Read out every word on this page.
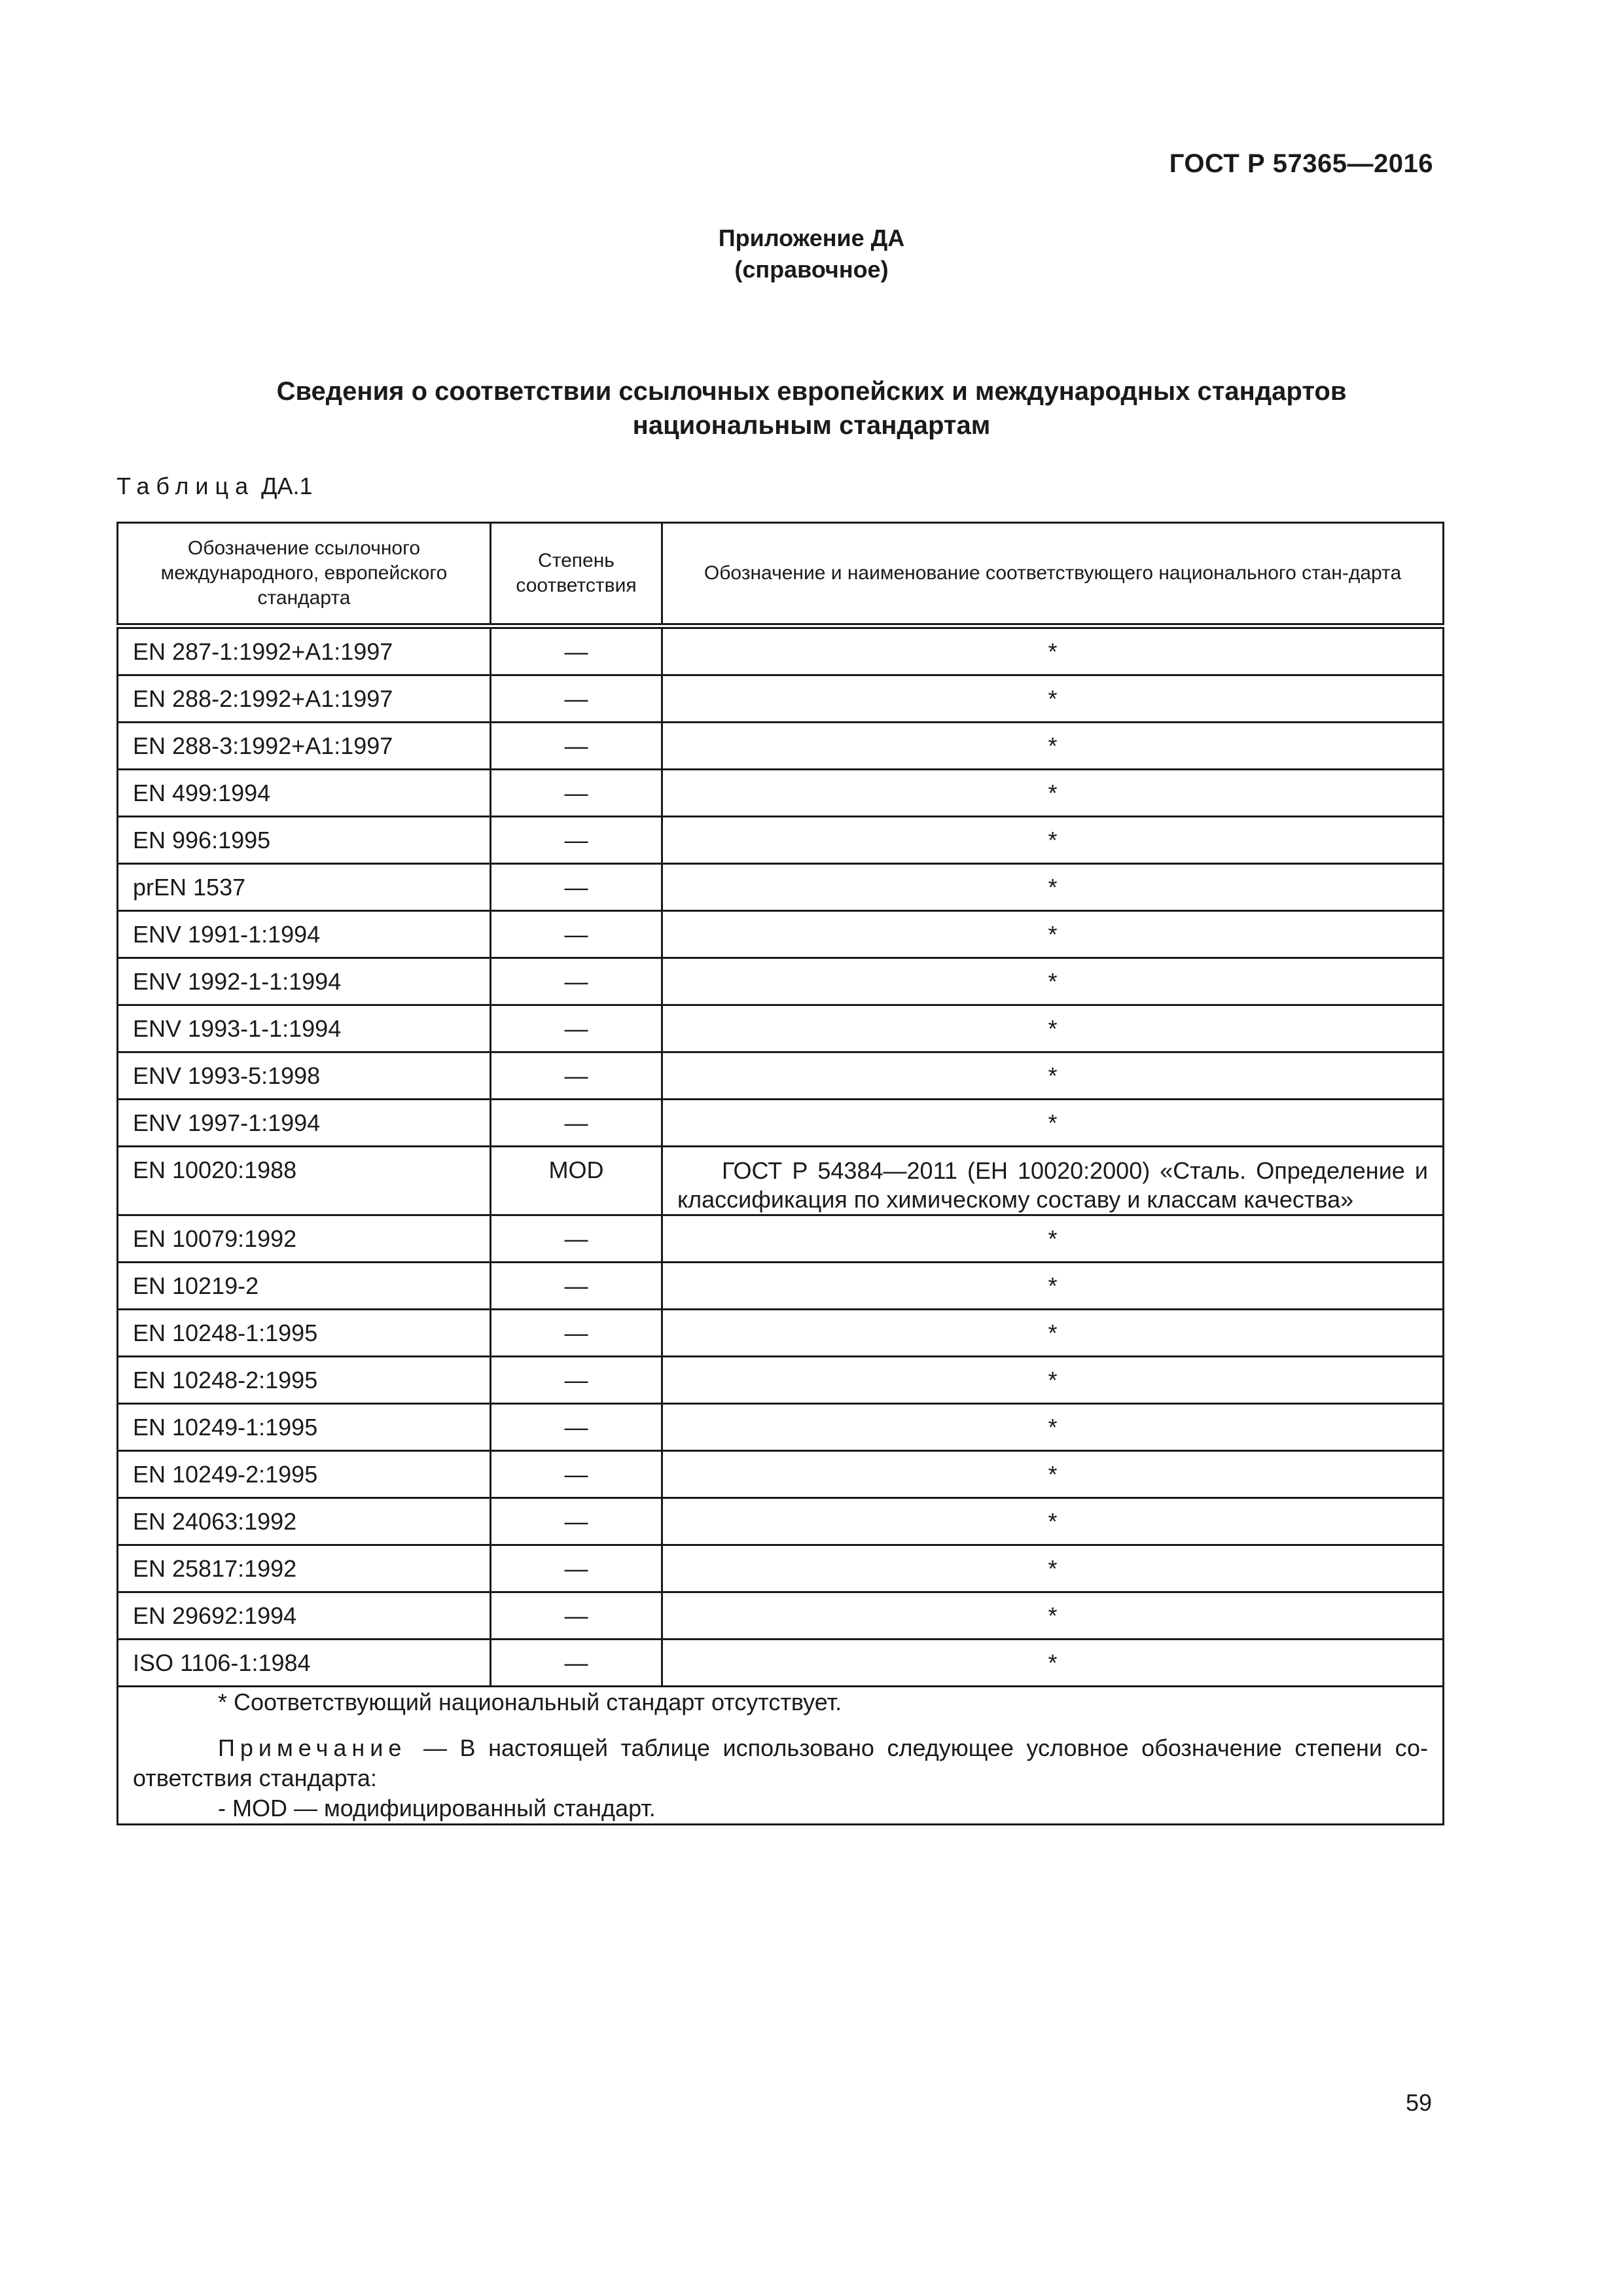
ГОСТ Р 57365—2016
Приложение ДА
(справочное)
Сведения о соответствии ссылочных европейских и международных стандартов
национальным стандартам
Таблица ДА.1
Обозначение ссылочного международного, европейского стандарта	Степень соответствия	Обозначение и наименование соответствующего национального стан-дарта
EN 287-1:1992+A1:1997	—	*
EN 288-2:1992+A1:1997	—	*
EN 288-3:1992+A1:1997	—	*
EN 499:1994	—	*
EN 996:1995	—	*
prEN 1537	—	*
ENV 1991-1:1994	—	*
ENV 1992-1-1:1994	—	*
ENV 1993-1-1:1994	—	*
ENV 1993-5:1998	—	*
ENV 1997-1:1994	—	*
EN 10020:1988	MOD	ГОСТ Р 54384—2011 (ЕН 10020:2000) «Сталь. Определение и классификация по химическому составу и классам качества»
EN 10079:1992	—	*
EN 10219-2	—	*
EN 10248-1:1995	—	*
EN 10248-2:1995	—	*
EN 10249-1:1995	—	*
EN 10249-2:1995	—	*
EN 24063:1992	—	*
EN 25817:1992	—	*
EN 29692:1994	—	*
ISO 1106-1:1984	—	*

* Соответствующий национальный стандарт отсутствует.

Примечание — В настоящей таблице использовано следующее условное обозначение степени со-ответствия стандарта:

- MOD — модифицированный стандарт.		

59
